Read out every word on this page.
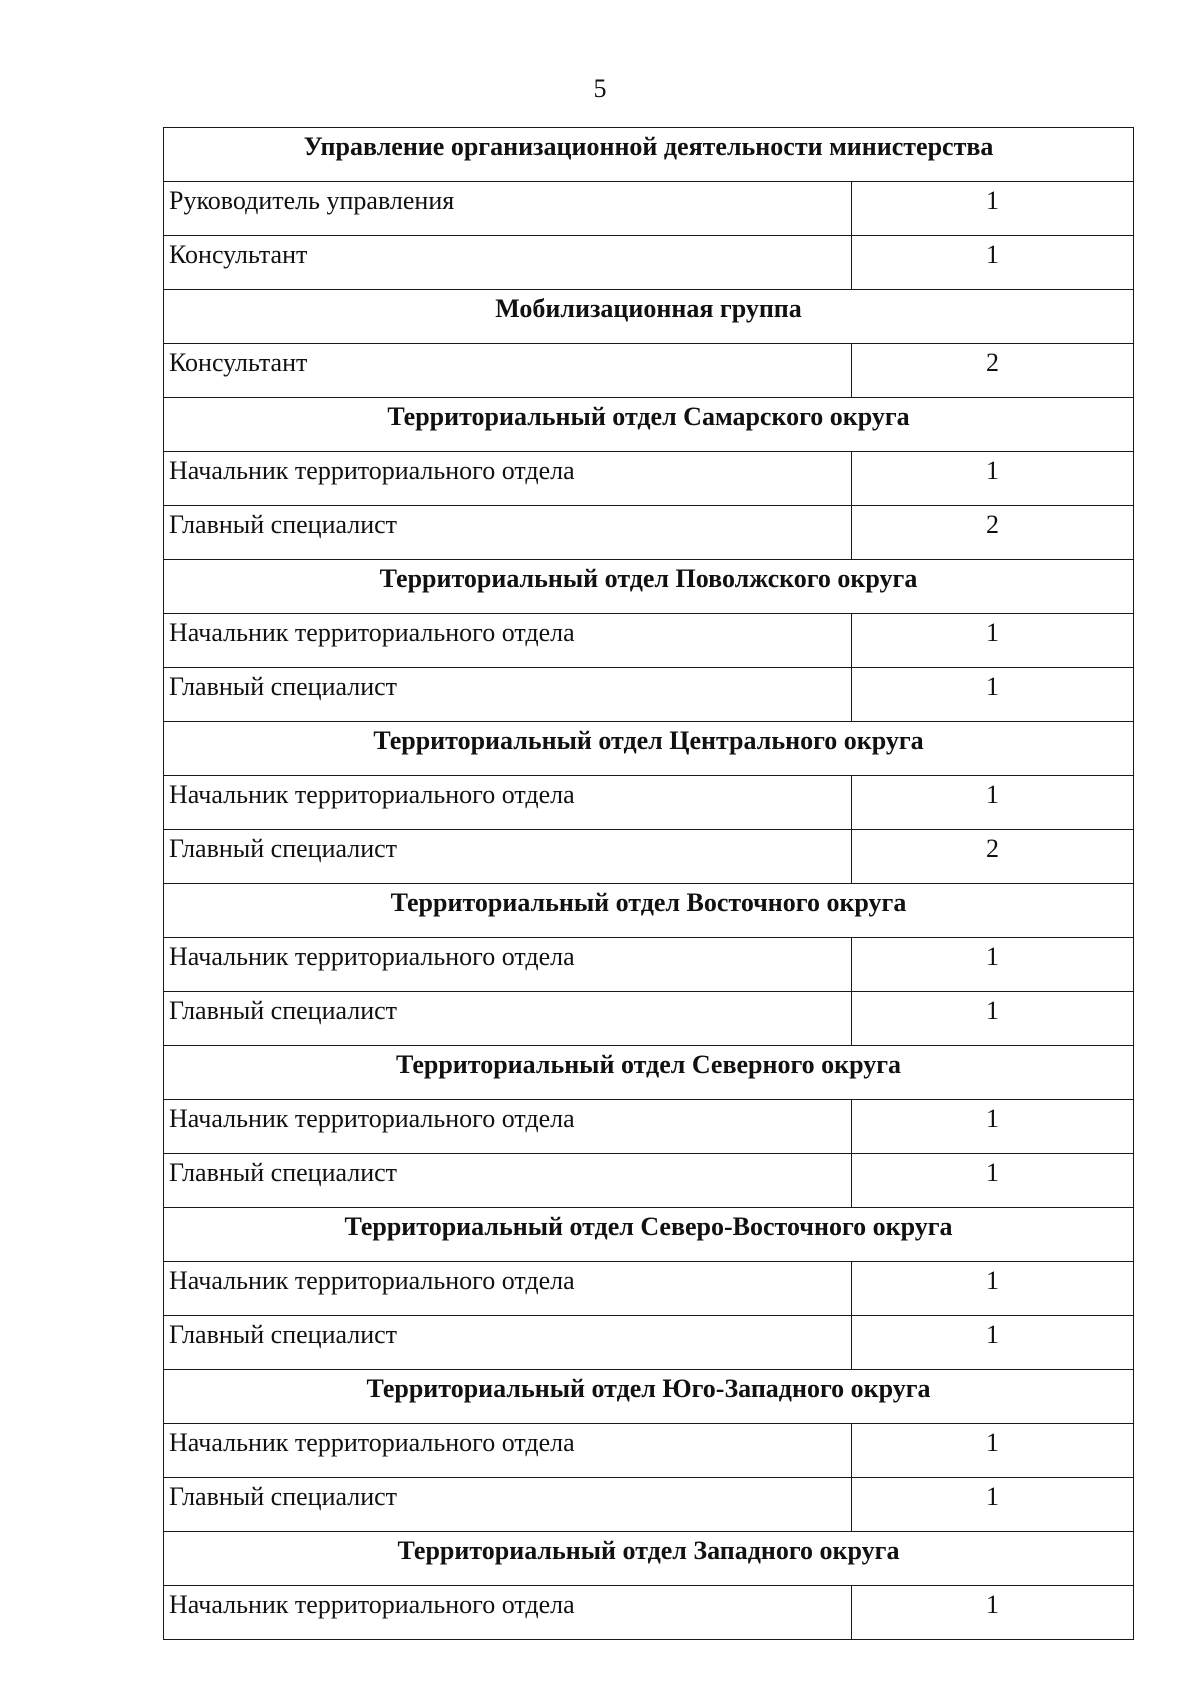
5
Управление организационной деятельности министерства	
Руководитель управления	1
Консультант	1
Мобилизационная группа	
Консультант	2
Территориальный отдел Самарского округа	
Начальник территориального отдела	1
Главный специалист	2
Территориальный отдел Поволжского округа	
Начальник территориального отдела	1
Главный специалист	1
Территориальный отдел Центрального округа	
Начальник территориального отдела	1
Главный специалист	2
Территориальный отдел Восточного округа	
Начальник территориального отдела	1
Главный специалист	1
Территориальный отдел Северного округа	
Начальник территориального отдела	1
Главный специалист	1
Территориальный отдел Северо-Восточного округа	
Начальник территориального отдела	1
Главный специалист	1
Территориальный отдел Юго-Западного округа	
Начальник территориального отдела	1
Главный специалист	1
Территориальный отдел Западного округа	
Начальник территориального отдела	1
